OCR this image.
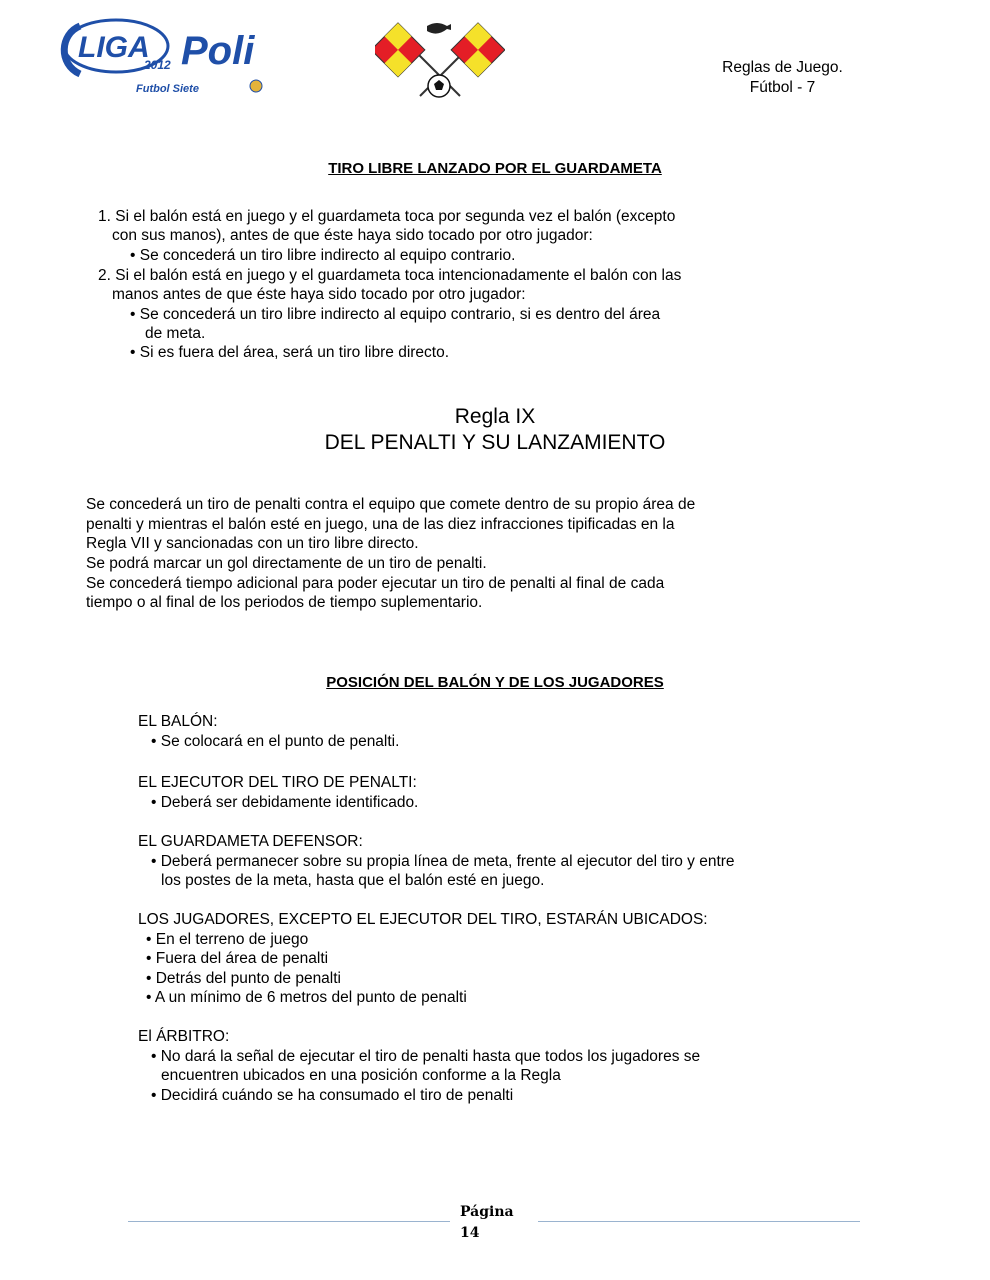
LIGA Poli
2012
Futbol Siete
Reglas de Juego.
Fútbol - 7
TIRO LIBRE LANZADO POR EL GUARDAMETA
1. Si el balón está en juego y el guardameta toca por segunda vez el balón (excepto
con sus manos), antes de que éste haya sido tocado por otro jugador:
• Se concederá un tiro libre indirecto al equipo contrario.
2. Si el balón está en juego y el guardameta toca intencionadamente el balón con las
manos antes de que éste haya sido tocado por otro jugador:
• Se concederá un tiro libre indirecto al equipo contrario, si es dentro del área
de meta.
• Si es fuera del área, será un tiro libre directo.
Regla IX
DEL PENALTI Y SU LANZAMIENTO
Se concederá un tiro de penalti contra el equipo que comete dentro de su propio área de
penalti y mientras el balón esté en juego, una de las diez infracciones tipificadas en la
Regla VII y sancionadas con un tiro libre directo.
Se podrá marcar un gol directamente de un tiro de penalti.
Se concederá tiempo adicional para poder ejecutar un tiro de penalti al final de cada
tiempo o al final de los periodos de tiempo suplementario.
POSICIÓN DEL BALÓN Y DE LOS JUGADORES
EL BALÓN:
• Se colocará en el punto de penalti.
EL EJECUTOR DEL TIRO DE PENALTI:
• Deberá ser debidamente identificado.
EL GUARDAMETA DEFENSOR:
• Deberá permanecer sobre su propia línea de meta, frente al ejecutor del tiro y entre
los postes de la meta, hasta que el balón esté en juego.
LOS JUGADORES, EXCEPTO EL EJECUTOR DEL TIRO, ESTARÁN UBICADOS:
• En el terreno de juego
• Fuera del área de penalti
• Detrás del punto de penalti
• A un mínimo de 6 metros del punto de penalti
El ÁRBITRO:
• No dará la señal de ejecutar el tiro de penalti hasta que todos los jugadores se
encuentren ubicados en una posición conforme a la Regla
• Decidirá cuándo se ha consumado el tiro de penalti
Página
14
